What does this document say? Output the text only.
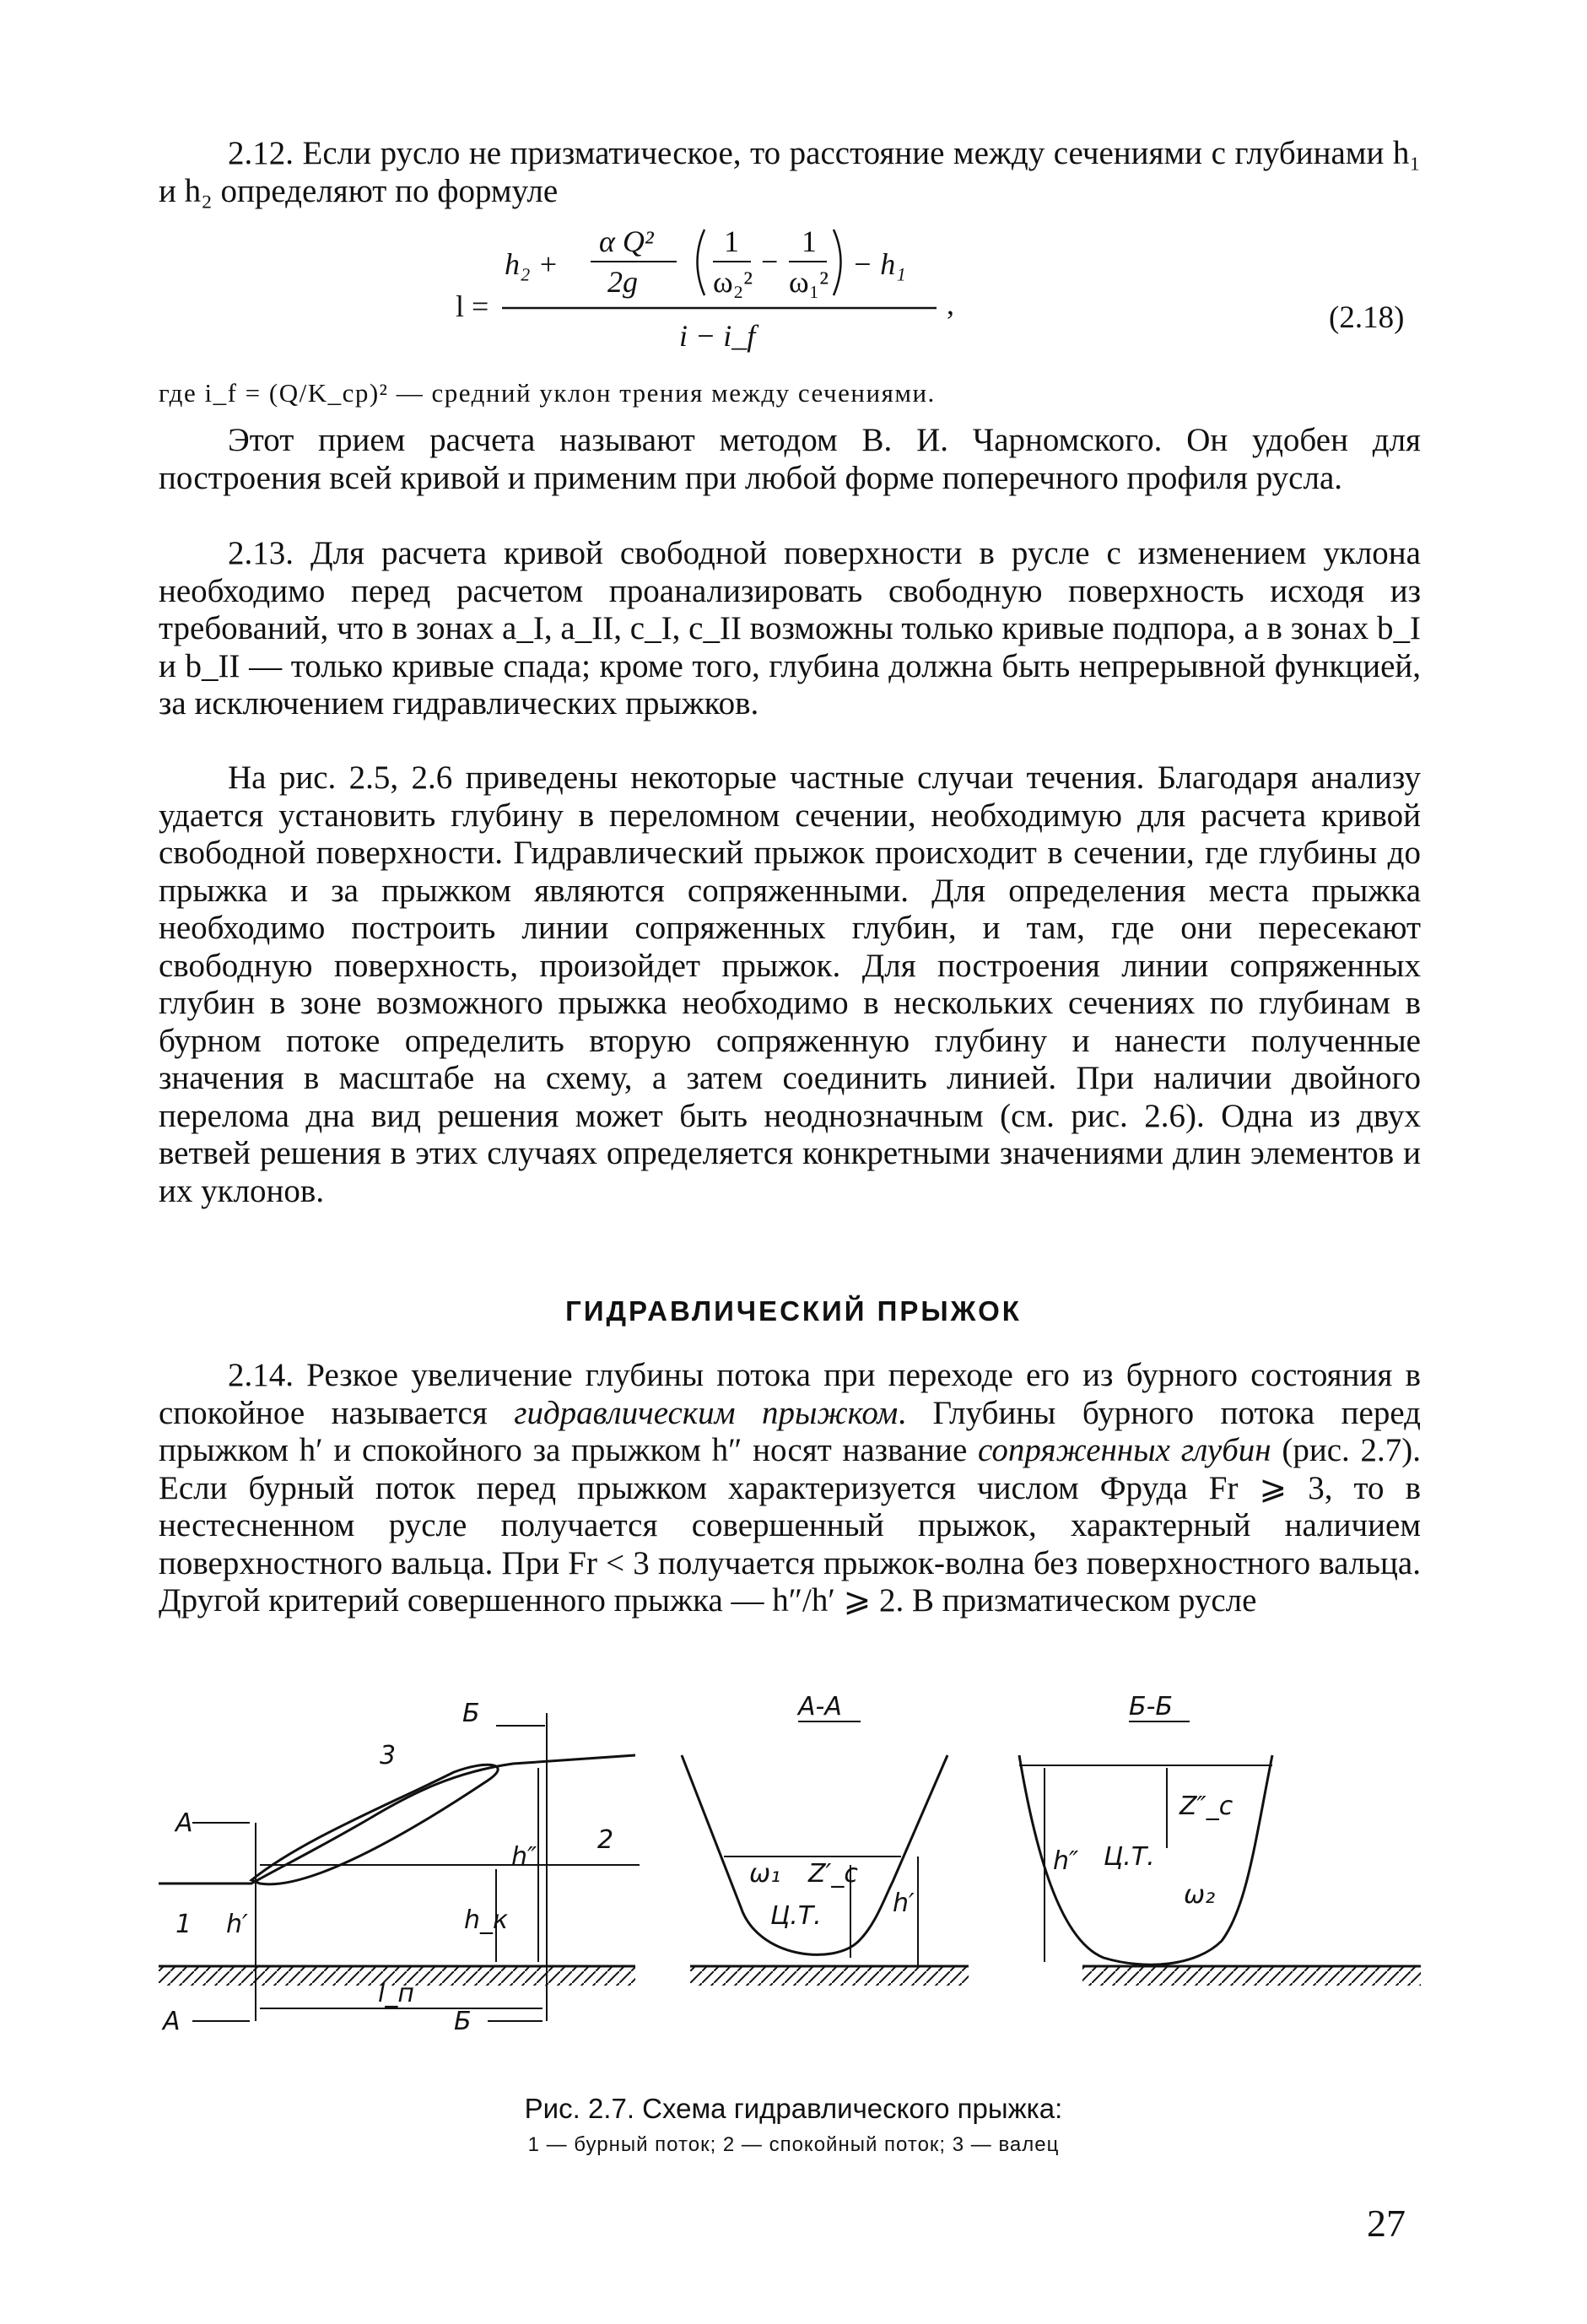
2.12. Если русло не призматическое, то расстояние между сечениями с глубинами h₁ и h₂ определяют по формуле

l =
h₂ +
α Q²
2g
1
ω₂²
−
1
ω₁²
− h₁
i − i_f
,	(2.18)
где i_f = (Q/K_ср)² — средний уклон трения между сечениями.

Этот прием расчета называют методом В. И. Чарномского. Он удобен для построения всей кривой и применим при любой форме поперечного профиля русла.

2.13. Для расчета кривой свободной поверхности в русле с изменением уклона необходимо перед расчетом проанализировать свободную поверхность исходя из требований, что в зонах a_I, a_II, c_I, c_II возможны только кривые подпора, а в зонах b_I и b_II — только кривые спада; кроме того, глубина должна быть непрерывной функцией, за исключением гидравлических прыжков.

На рис. 2.5, 2.6 приведены некоторые частные случаи течения. Благодаря анализу удается установить глубину в переломном сечении, необходимую для расчета кривой свободной поверхности. Гидравлический прыжок происходит в сечении, где глубины до прыжка и за прыжком являются сопряженными. Для определения места прыжка необходимо построить линии сопряженных глубин, и там, где они пересекают свободную поверхность, произойдет прыжок. Для построения линии сопряженных глубин в зоне возможного прыжка необходимо в нескольких сечениях по глубинам в бурном потоке определить вторую сопряженную глубину и нанести полученные значения в масштабе на схему, а затем соединить линией. При наличии двойного перелома дна вид решения может быть неоднозначным (см. рис. 2.6). Одна из двух ветвей решения в этих случаях определяется конкретными значениями длин элементов и их уклонов.

ГИДРАВЛИЧЕСКИЙ ПРЫЖОК

2.14. Резкое увеличение глубины потока при переходе его из бурного состояния в спокойное называется гидравлическим прыжком. Глубины бурного потока перед прыжком h′ и спокойного за прыжком h″ носят название сопряженных глубин (рис. 2.7). Если бурный поток перед прыжком характеризуется числом Фруда Fr ⩾ 3, то в нестесненном русле получается совершенный прыжок, характерный наличием поверхностного вальца. При Fr < 3 получается прыжок-волна без поверхностного вальца. Другой критерий совершенного прыжка — h″/h′ ⩾ 2. В призматическом русле

Б
3
А
2
1 h′	h_к
h″
А
l_п
Б
А-А
ω₁ Z′_c
Ц.Т.	h′
Б-Б
h″
Z″_c
Ц.Т.
ω₂
Рис. 2.7. Схема гидравлического прыжка:
1 — бурный поток; 2 — спокойный поток; 3 — валец
27
